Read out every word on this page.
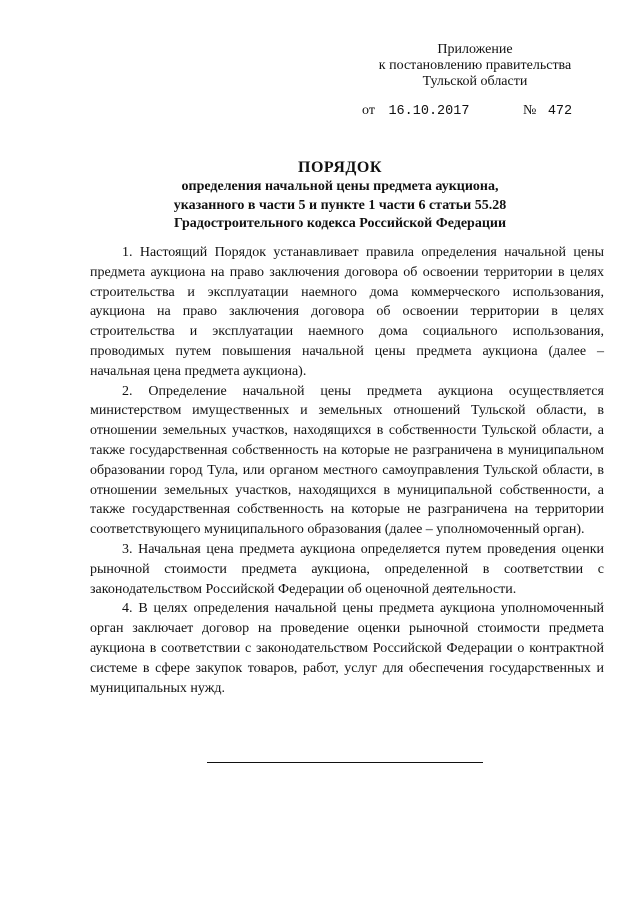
Приложение
к постановлению правительства
Тульской области
от 16.10.2017	№ 472
ПОРЯДОК
определения начальной цены предмета аукциона,
указанного в части 5 и пункте 1 части 6 статьи 55.28
Градостроительного кодекса Российской Федерации

1. Настоящий Порядок устанавливает правила определения начальной цены предмета аукциона на право заключения договора об освоении территории в целях строительства и эксплуатации наемного дома коммерческого использования, аукциона на право заключения договора об освоении территории в целях строительства и эксплуатации наемного дома социального использования, проводимых путем повышения начальной цены предмета аукциона (далее – начальная цена предмета аукциона).

2. Определение начальной цены предмета аукциона осуществляется министерством имущественных и земельных отношений Тульской области, в отношении земельных участков, находящихся в собственности Тульской области, а также государственная собственность на которые не разграничена в муниципальном образовании город Тула, или органом местного самоуправления Тульской области, в отношении земельных участков, находящихся в муниципальной собственности, а также государственная собственность на которые не разграничена на территории соответствующего муниципального образования (далее – уполномоченный орган).

3. Начальная цена предмета аукциона определяется путем проведения оценки рыночной стоимости предмета аукциона, определенной в соответствии с законодательством Российской Федерации об оценочной деятельности.

4. В целях определения начальной цены предмета аукциона уполномоченный орган заключает договор на проведение оценки рыночной стоимости предмета аукциона в соответствии с законодательством Российской Федерации о контрактной системе в сфере закупок товаров, работ, услуг для обеспечения государственных и муниципальных нужд.
